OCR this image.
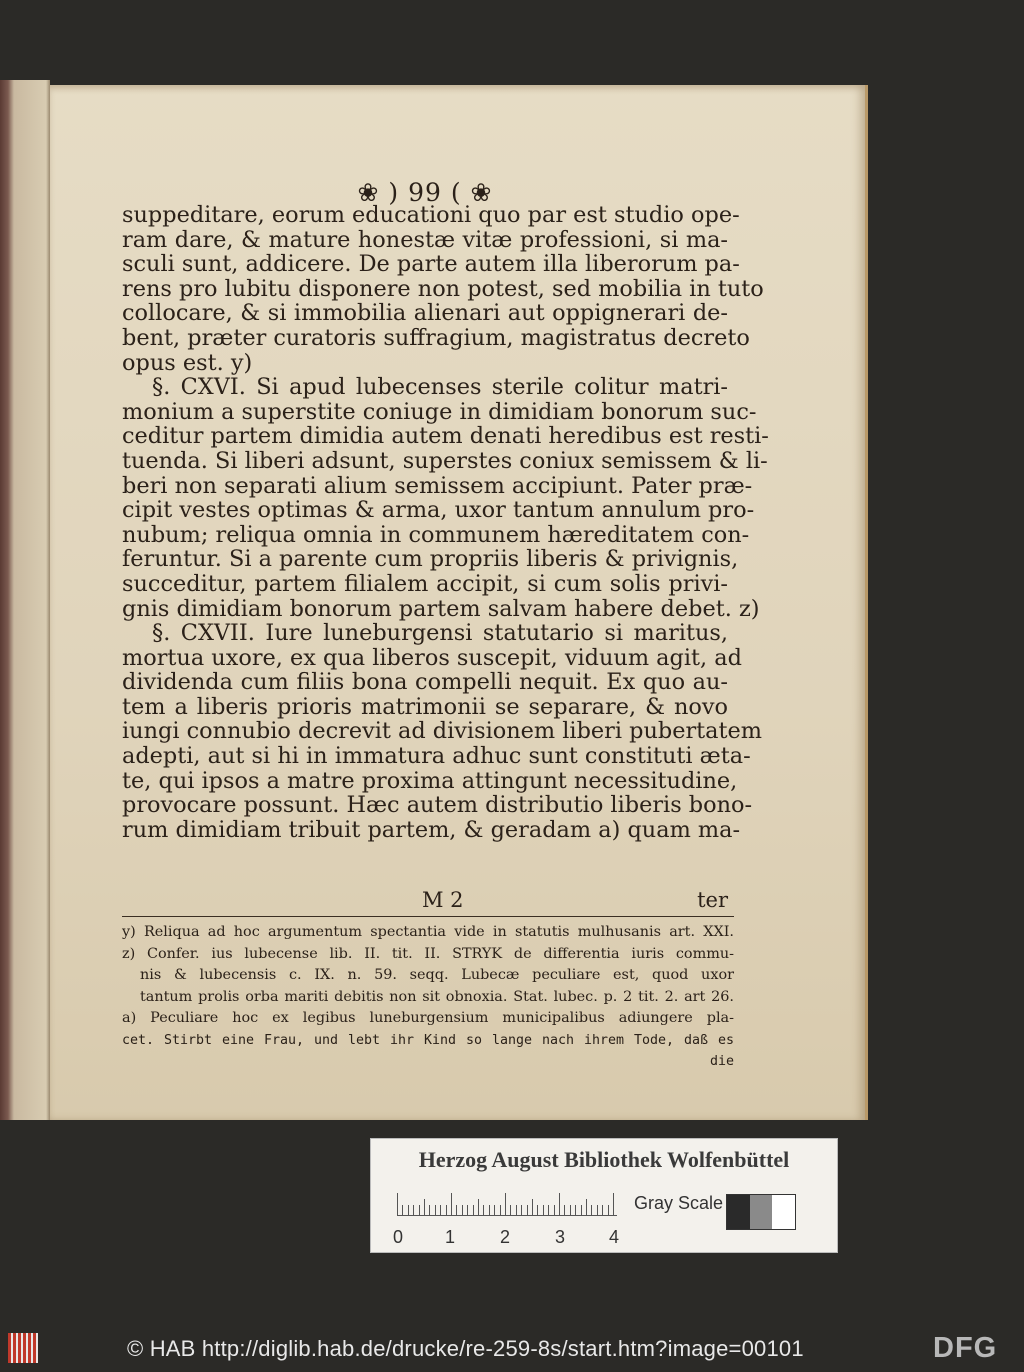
❀ ) 99 ( ❀
suppeditare, eorum educationi quo par est studio ope-
ram dare, & mature honestæ vitæ professioni, si ma-
sculi sunt, addicere. De parte autem illa liberorum pa-
rens pro lubitu disponere non potest, sed mobilia in tuto
collocare, & si immobilia alienari aut oppignerari de-
bent, præter curatoris suffragium, magistratus decreto
opus est. y)
§. CXVI. Si apud lubecenses sterile colitur matri-
monium a superstite coniuge in dimidiam bonorum suc-
ceditur partem dimidia autem denati heredibus est resti-
tuenda. Si liberi adsunt, superstes coniux semissem & li-
beri non separati alium semissem accipiunt. Pater præ-
cipit vestes optimas & arma, uxor tantum annulum pro-
nubum; reliqua omnia in communem hæreditatem con-
feruntur. Si a parente cum propriis liberis & privignis,
succeditur, partem filialem accipit, si cum solis privi-
gnis dimidiam bonorum partem salvam habere debet. z)
§. CXVII. Iure luneburgensi statutario si maritus,
mortua uxore, ex qua liberos suscepit, viduum agit, ad
dividenda cum filiis bona compelli nequit. Ex quo au-
tem a liberis prioris matrimonii se separare, & novo
iungi connubio decrevit ad divisionem liberi pubertatem
adepti, aut si hi in immatura adhuc sunt constituti æta-
te, qui ipsos a matre proxima attingunt necessitudine,
provocare possunt. Hæc autem distributio liberis bono-
rum dimidiam tribuit partem, & geradam a) quam ma-
M 2	ter
y) Reliqua ad hoc argumentum spectantia vide in statutis mulhusanis art. XXI.
z) Confer. ius lubecense lib. II. tit. II. STRYK de differentia iuris commu-
nis & lubecensis c. IX. n. 59. seqq. Lubecæ peculiare est, quod uxor
tantum prolis orba mariti debitis non sit obnoxia. Stat. lubec. p. 2 tit. 2. art 26.
a) Peculiare hoc ex legibus luneburgensium municipalibus adiungere pla-
cet. Stirbt eine Frau, und lebt ihr Kind so lange nach ihrem Tode, daß es
die
Herzog August Bibliothek Wolfenbüttel
0 1 2 3 4
Gray Scale
© HAB http://diglib.hab.de/drucke/re-259-8s/start.htm?image=00101	DFG
